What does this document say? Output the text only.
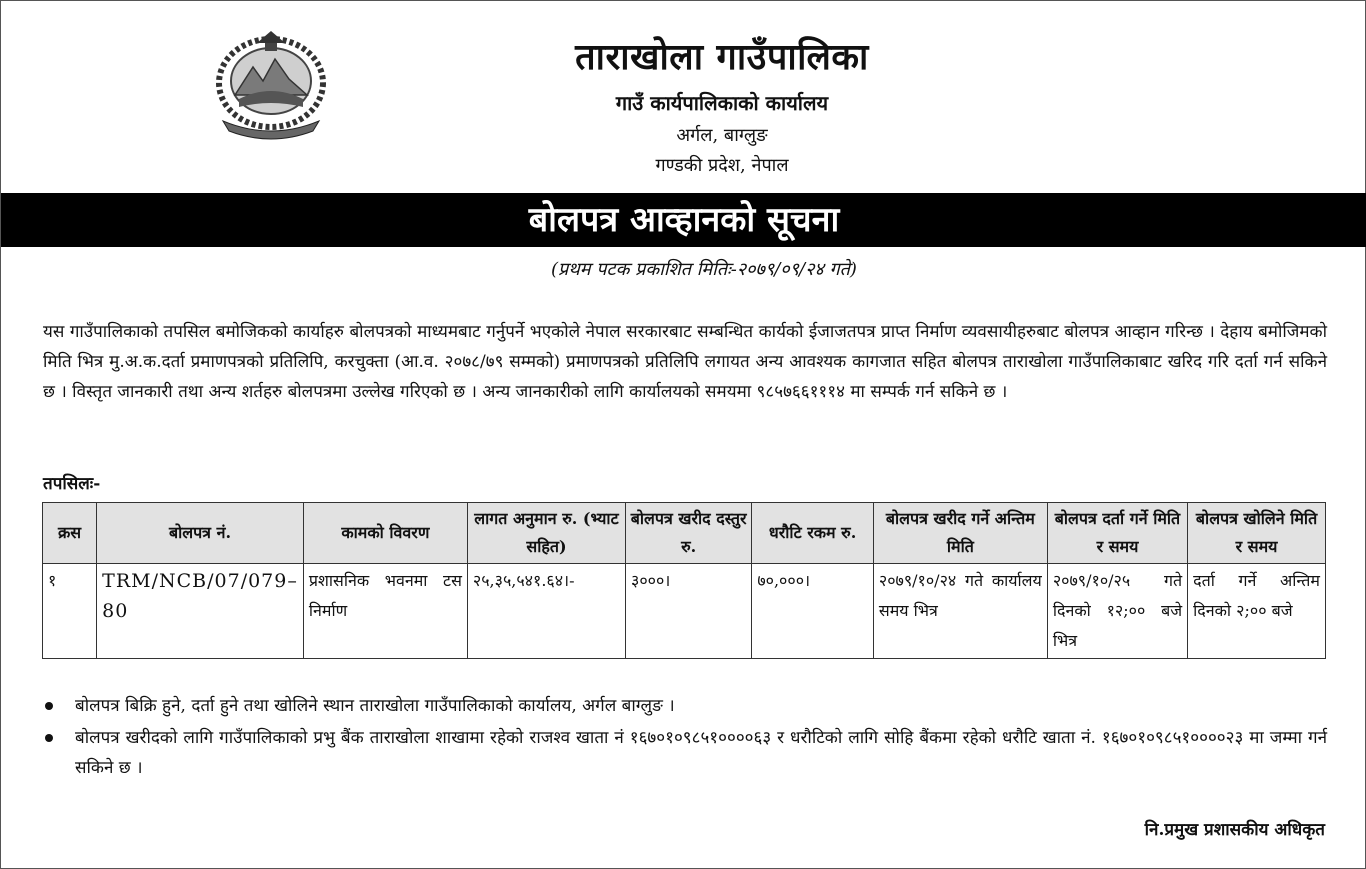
ताराखोला गाउँपालिका
गाउँ कार्यपालिकाको कार्यालय
अर्गल, बाग्लुङ
गण्डकी प्रदेश, नेपाल
बोलपत्र आव्हानको सूचना
(प्रथम पटक प्रकाशित मितिः-२०७९/०९/२४ गते)
यस गाउँपालिकाको तपसिल बमोजिकको कार्याहरु बोलपत्रको माध्यमबाट गर्नुपर्ने भएकोले नेपाल सरकारबाट सम्बन्धित कार्यको ईजाजतपत्र प्राप्त निर्माण व्यवसायीहरुबाट बोलपत्र आव्हान गरिन्छ । देहाय बमोजिमको मिति भित्र मु.अ.क.दर्ता प्रमाणपत्रको प्रतिलिपि, करचुक्ता (आ.व. २०७८/७९ सम्मको) प्रमाणपत्रको प्रतिलिपि लगायत अन्य आवश्यक कागजात सहित बोलपत्र ताराखोला गाउँपालिकाबाट खरिद गरि दर्ता गर्न सकिने छ । विस्तृत जानकारी तथा अन्य शर्तहरु बोलपत्रमा उल्लेख गरिएको छ । अन्य जानकारीको लागि कार्यालयको समयमा ९८५७६६१११४ मा सम्पर्क गर्न सकिने छ ।
तपसिलः-
क्रस	बोलपत्र नं.	कामको विवरण	लागत अनुमान रु. (भ्याट सहित)	बोलपत्र खरीद दस्तुर रु.	धरौटि रकम रु.	बोलपत्र खरीद गर्ने अन्तिम मिति	बोलपत्र दर्ता गर्ने मिति र समय	बोलपत्र खोलिने मिति र समय
१	TRM/NCB/07/079–80	प्रशासनिक भवनमा टस निर्माण	२५,३५,५४१.६४।-	३०००।	७०,०००।	२०७९/१०/२४ गते कार्यालय समय भित्र	२०७९/१०/२५ गते दिनको १२;०० बजे भित्र	दर्ता गर्ने अन्तिम दिनको २;०० बजे
बोलपत्र बिक्रि हुने, दर्ता हुने तथा खोलिने स्थान ताराखोला गाउँपालिकाको कार्यालय, अर्गल बाग्लुङ ।
बोलपत्र खरीदको लागि गाउँपालिकाको प्रभु बैंक ताराखोला शाखामा रहेको राजश्व खाता नं १६७०१०९८५१००००६३ र धरौटिको लागि सोहि बैंकमा रहेको धरौटि खाता नं. १६७०१०९८५१००००२३ मा जम्मा गर्न सकिने छ ।
नि.प्रमुख प्रशासकीय अधिकृत
